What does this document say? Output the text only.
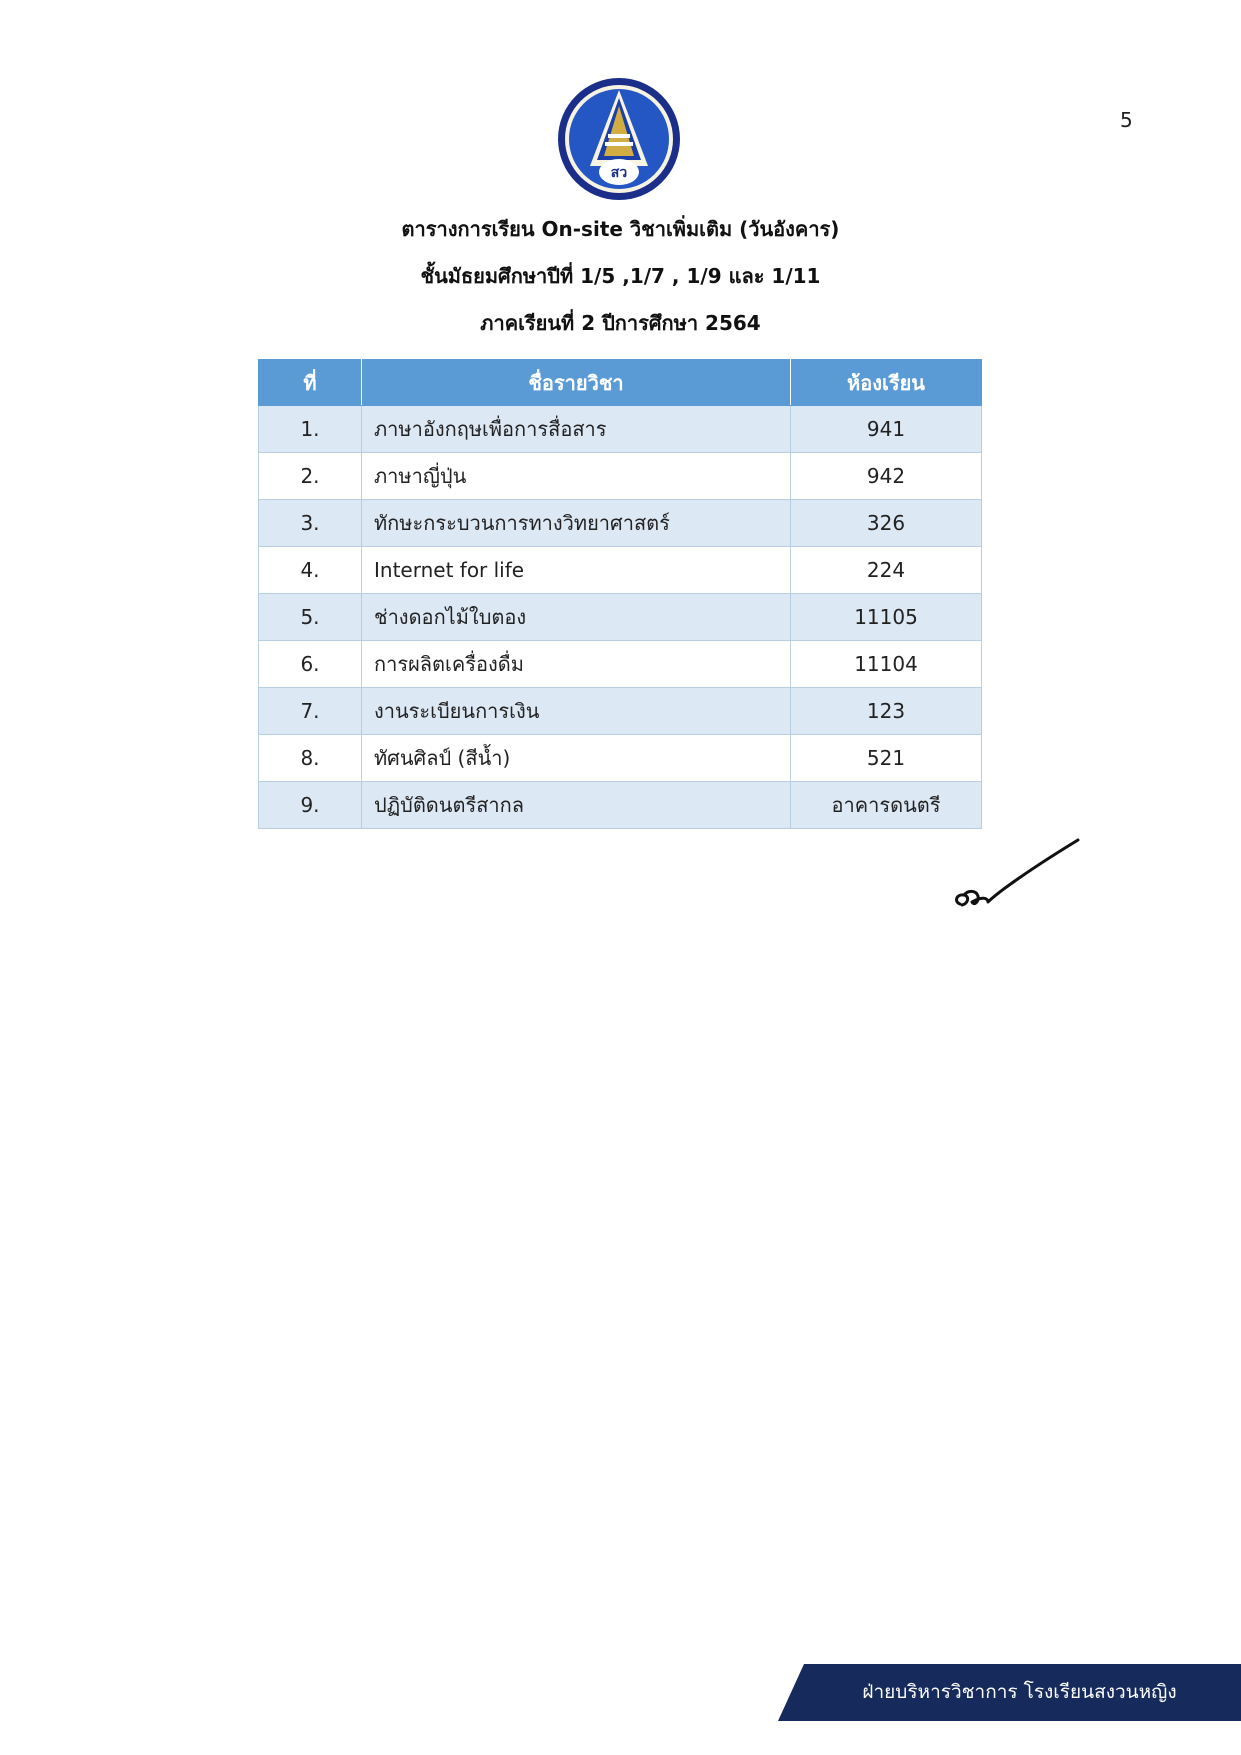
5
สว
ตารางการเรียน On-site วิชาเพิ่มเติม (วันอังคาร)
ชั้นมัธยมศึกษาปีที่ 1/5 ,1/7 , 1/9 และ 1/11
ภาคเรียนที่ 2 ปีการศึกษา 2564
ที่	ชื่อรายวิชา	ห้องเรียน
1.	ภาษาอังกฤษเพื่อการสื่อสาร	941
2.	ภาษาญี่ปุ่น	942
3.	ทักษะกระบวนการทางวิทยาศาสตร์	326
4.	Internet for life	224
5.	ช่างดอกไม้ใบตอง	11105
6.	การผลิตเครื่องดื่ม	11104
7.	งานระเบียนการเงิน	123
8.	ทัศนศิลป์ (สีน้ำ)	521
9.	ปฏิบัติดนตรีสากล	อาคารดนตรี
ฝ่ายบริหารวิชาการ โรงเรียนสงวนหญิง
